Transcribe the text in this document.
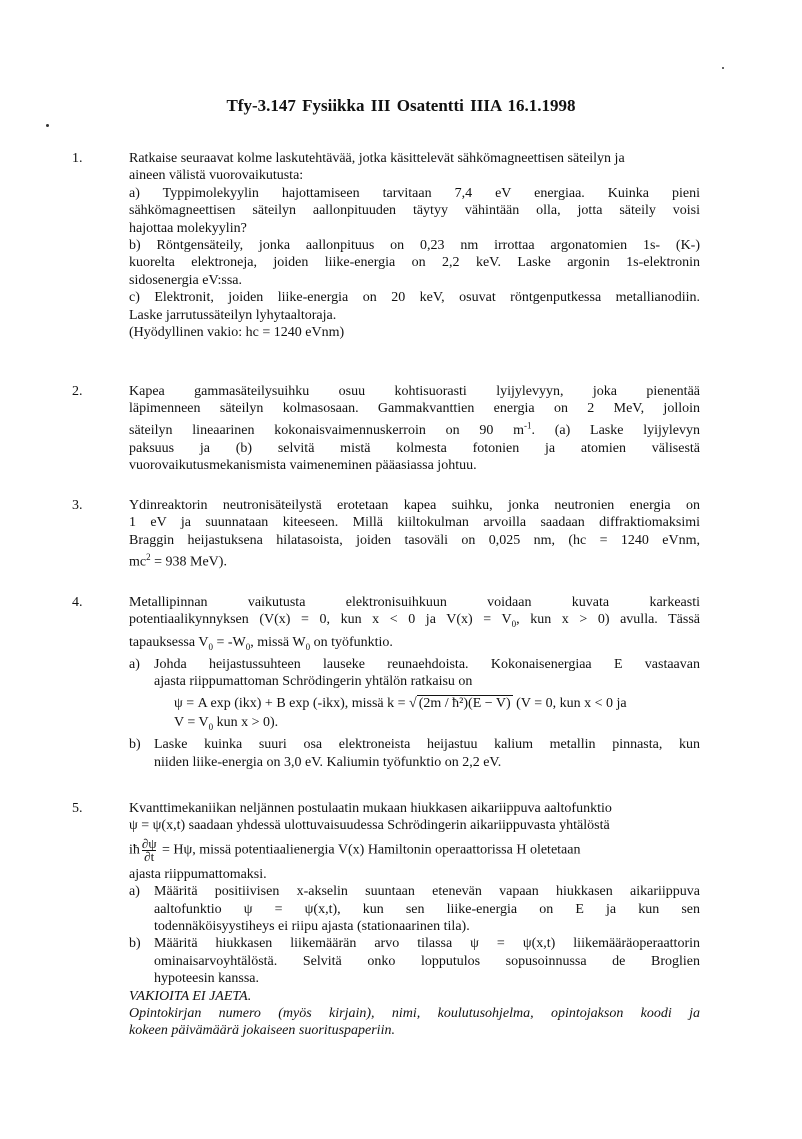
Tfy-3.147 Fysiikka III Osatentti IIIA 16.1.1998
1.	Ratkaise seuraavat kolme laskutehtävää, jotka käsittelevät sähkömagneettisen säteilyn ja
aineen välistä vuorovaikutusta:
a) Typpimolekyylin hajottamiseen tarvitaan 7,4 eV energiaa. Kuinka pieni
sähkömagneettisen säteilyn aallonpituuden täytyy vähintään olla, jotta säteily voisi
hajottaa molekyylin?
b) Röntgensäteily, jonka aallonpituus on 0,23 nm irrottaa argonatomien 1s- (K-)
kuorelta elektroneja, joiden liike-energia on 2,2 keV. Laske argonin 1s-elektronin
sidosenergia eV:ssa.
c) Elektronit, joiden liike-energia on 20 keV, osuvat röntgenputkessa metallianodiin.
Laske jarrutussäteilyn lyhytaaltoraja.
(Hyödyllinen vakio: hc = 1240 eVnm)
2.	Kapea gammasäteilysuihku osuu kohtisuorasti lyijylevyyn, joka pienentää
läpimenneen säteilyn kolmasosaan. Gammakvanttien energia on 2 MeV, jolloin
säteilyn lineaarinen kokonaisvaimennuskerroin on 90 $m^{-1}$. (a) Laske lyijylevyn
paksuus ja (b) selvitä mistä kolmesta fotonien ja atomien välisestä
vuorovaikutusmekanismista vaimeneminen pääasiassa johtuu.
3.	Ydinreaktorin neutronisäteilystä erotetaan kapea suihku, jonka neutronien energia on
1 eV ja suunnataan kiteeseen. Millä kiiltokulman arvoilla saadaan diffraktiomaksimi
Braggin heijastuksena hilatasoista, joiden tasoväli on 0,025 nm, (hc = 1240 eVnm,
$mc^2 = 938$ MeV).
4.	Metallipinnan vaikutusta elektronisuihkuun voidaan kuvata karkeasti
potentiaalikynnyksen (V(x) = 0, kun x < 0 ja $V(x) = V_0$, kun x > 0) avulla. Tässä
tapauksessa $V_0 = -W_0$, missä $W_0$ on työfunktio.
a) Johda heijastussuhteen lauseke reunaehdoista. Kokonaisenergiaa E vastaavan
ajasta riippumattoman Schrödingerin yhtälön ratkaisu on
ψ = A exp (ikx) + B exp (-ikx), missä k = √ (2m / ħ²)(E − V) (V = 0, kun x < 0 ja
$V = V_0$ kun x > 0).
b) Laske kuinka suuri osa elektroneista heijastuu kalium metallin pinnasta, kun
niiden liike-energia on 3,0 eV. Kaliumin työfunktio on 2,2 eV.
5.	Kvanttimekaniikan neljännen postulaatin mukaan hiukkasen aikariippuva aaltofunktio
ψ = ψ(x,t) saadaan yhdessä ulottuvaisuudessa Schrödingerin aikariippuvasta yhtälöstä
iħ $\frac{\partial\psi}{\partial t} = H\psi$, missä potentiaalienergia V(x) Hamiltonin operaattorissa H oletetaan
ajasta riippumattomaksi.
a) Määritä positiivisen x-akselin suuntaan etenevän vapaan hiukkasen aikariippuva
aaltofunktio ψ = ψ(x,t), kun sen liike-energia on E ja kun sen
todennäköisyystiheys ei riipu ajasta (stationaarinen tila).
b) Määritä hiukkasen liikemäärän arvo tilassa ψ = ψ(x,t) liikemääräoperaattorin
ominaisarvoyhtälöstä. Selvitä onko lopputulos sopusoinnussa de Broglien
hypoteesin kanssa.
VAKIOITA EI JAETA.
Opintokirjan numero (myös kirjain), nimi, koulutusohjelma, opintojakson koodi ja
kokeen päivämäärä jokaiseen suorituspaperiin.
